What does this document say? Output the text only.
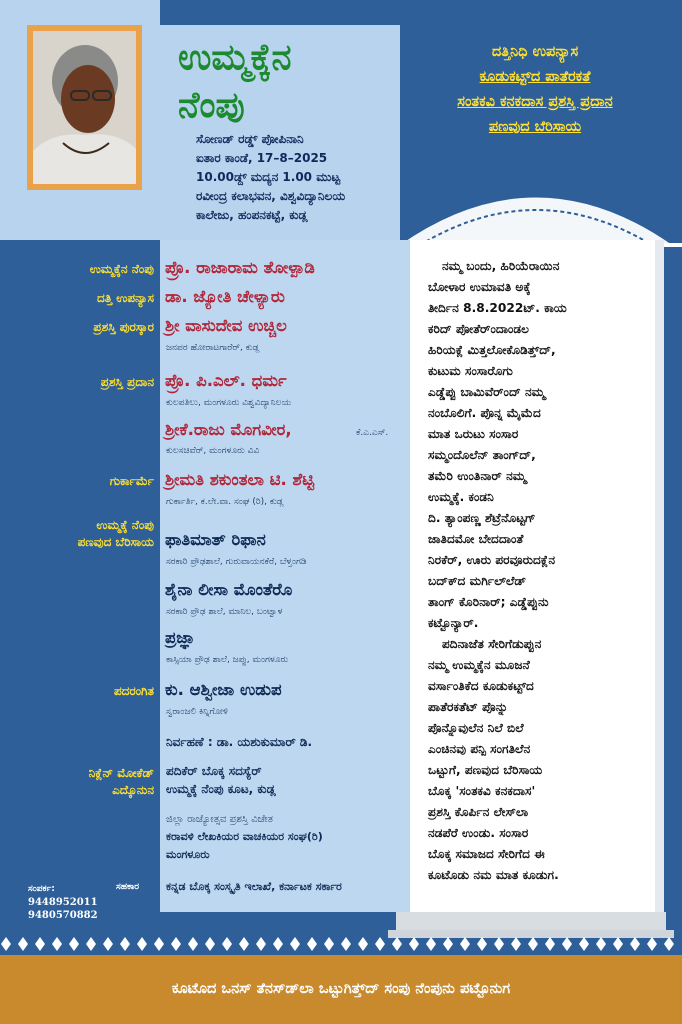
ಉಮ್ಮಕ್ಕೆನ
ನೆಂಪು
ಸೋಣಡ್ ರಡ್ಡ್ ಪೋಪಿನಾನಿ
ಐತಾರ ಕಾಂಡೆ, 17–8–2025
10.00ಡ್ದ್ ಮದ್ಯನ 1.00 ಮುಟ್ಟ
ರವೀಂದ್ರ ಕಲಾಭವನ, ವಿಶ್ವವಿದ್ಯಾನಿಲಯ
ಕಾಲೇಜು, ಹಂಪನಕಟ್ಟೆ, ಕುಡ್ಲ
ದತ್ತಿನಿಧಿ ಉಪನ್ಯಾಸ
ಕೂಡುಕಟ್ಟ್‌ದ ಪಾತೆರಕತೆ
ಸಂತಕವಿ ಕನಕದಾಸ ಪ್ರಶಸ್ತಿ ಪ್ರದಾನ
ಪಣವುದ ಬೆರಿಸಾಯ
ಉಮ್ಮಕ್ಕೆನ ನೆಂಪು ಪ್ರೊ. ರಾಜಾರಾಮ ತೋಳ್ಪಾಡಿ
ದತ್ತಿ ಉಪನ್ಯಾಸ ಡಾ. ಜ್ಯೋತಿ ಚೇಳ್ಯಾರು
ಪ್ರಶಸ್ತಿ ಪುರಸ್ಕಾರ ಶ್ರೀ ವಾಸುದೇವ ಉಚ್ಚಿಲ
ಜನಪರ ಹೋರಾಟಗಾರೆರ್, ಕುಡ್ಲ
ಪ್ರಶಸ್ತಿ ಪ್ರದಾನ ಪ್ರೊ. ಪಿ.ಎಲ್. ಧರ್ಮ
ಕುಲಪತಿಲು, ಮಂಗಳೂರು ವಿಶ್ವವಿದ್ಯಾನಿಲಯ
ಶ್ರೀಕೆ.ರಾಜು ಮೊಗವೀರ,	ಕೆ.ಎ.ಎಸ್.
ಕುಲಸಚಿವೆರ್, ಮಂಗಳೂರು ವಿವಿ
ಗುರ್ಕಾರ್ಮೆ ಶ್ರೀಮತಿ ಶಕುಂತಲಾ ಟಿ. ಶೆಟ್ಟಿ
ಗುರ್ಕಾರ್ತಿ, ಕ.ಲೇ.ವಾ. ಸಂಘ (ರಿ), ಕುಡ್ಲ
ಉಮ್ಮಕ್ಕೆ ನೆಂಪು
ಪಣವುದ ಬೆರಿಸಾಯ ಫಾತಿಮಾತ್ ರಿಫಾನ
ಸರಕಾರಿ ಪ್ರೌಢಶಾಲೆ, ಗುರುವಾಯನಕೆರೆ, ಬೆಳ್ತಂಗಡಿ
ಶೈನಾ ಲೀಸಾ ಮೊಂತೆರೊ
ಸರಕಾರಿ ಪ್ರೌಢ ಶಾಲೆ, ಮಾನಿಲ, ಬಂಟ್ವಾಳ
ಪ್ರಜ್ಞಾ
ಕಾಸ್ಸಿಯಾ ಪ್ರೌಢ ಶಾಲೆ, ಜಪ್ಪು, ಮಂಗಳೂರು
ಪದರಂಗಿತ ಕು. ಆಶ್ವೀಜಾ ಉಡುಪ
ಸ್ವರಾಂಜಲಿ ಕಿನ್ನಿಗೋಳಿ
ನಿರ್ವಹಣೆ : ಡಾ. ಯಶುಕುಮಾರ್ ಡಿ.
ನಿಕ್ಲೆನ್ ಮೋಕೆಡ್
ಎದ್ಕೊನುನ
ಪದಿಕೆರ್ ಬೊಕ್ಕ ಸದಸ್ಯೆರ್
ಉಮ್ಮಕ್ಕೆ ನೆಂಪು ಕೂಟ, ಕುಡ್ಲ
ಜಿಲ್ಲಾ ರಾಜ್ಯೋತ್ಸವ ಪ್ರಶಸ್ತಿ ವಿಜೇತ
ಕರಾವಳಿ ಲೇಖಕಿಯರ ವಾಚಕಿಯರ ಸಂಘ(ರಿ)
ಮಂಗಳೂರು
ಸಹಕಾರ ಕನ್ನಡ ಬೊಕ್ಕ ಸಂಸ್ಕೃತಿ ಇಲಾಖೆ, ಕರ್ನಾಟಕ ಸರ್ಕಾರ
ಸಂಪರ್ಕ:
9448952011
9480570882

ನಮ್ಮ ಬಂದು, ಹಿರಿಯೆರಾಯಿನ
ಬೋಳಾರ ಉಮಾವತಿ ಅಕ್ಕೆ
ತೀರ್ದಿನ 8.8.2022ಟ್. ಕಾಯ
ಕರಿದ್ ಪೋತೆರ್‌ಂದಾಂಡಲ
ಹಿರಿಯಕ್ಲೆ ಮಿತ್ತಲೋಕೊಡಿತ್ತ್‌ದ್,
ಕುಟುಮ ಸಂಸಾರೊಗು
ಎಡ್ಡೆಪ್ಪು ಬಾಮಿವೆರ್‌ಂದ್ ನಮ್ಮ
ನಂಬೊಲಿಗೆ. ಪೊನ್ನ ಮೈಮೆದ
ಮಾತ ಒರುಟು ಸಂಸಾರ
ಸಮ್ಮಂದೊಲೆನ್ ತಾಂಗ್‌ದ್,
ತಮೆರಿ ಉಂತಿನಾರ್ ನಮ್ಮ
ಉಮ್ಮಕ್ಕೆ. ಕಂಡನಿ
ದಿ. ತ್ಯಾಂಪಣ್ಣ ಶೆಟ್ರೆನೊಟ್ಟಗ್
ಜಾತಿದಮೋ ಬೇದದಾಂತೆ
ನಿರಕೆರ್, ಊರು ಪರವೂರುದಕ್ಲೆನ
ಬದ್‌ಕ್‌ದ ಮರ್ಗಿಲ್‌ಲೆಡ್
ತಾಂಗ್ ಕೊರಿನಾರ್; ಎಡ್ಡೆಪ್ಪುನು
ಕಟ್ಟೊನ್ಯಾರ್.

ಪದಿನಾಜೆತ ಸೇರಿಗೆಡುಪ್ಪುನ
ನಮ್ಮ ಉಮ್ಮಕ್ಕೆನ ಮೂಜನೆ
ವರ್ಸಾಂತಿಕೆದ ಕೂಡುಕಟ್ಟ್‌ದ
ಪಾತೆರಕತೆಟ್ ಪೊನ್ನು
ಪೊನ್ನೊವುಲೆನ ನಿಲೆ ಬಿಲೆ
ಎಂಚಿನವು ಪನ್ಪಿ ಸಂಗತಿಲೆನ
ಒಟ್ಟುಗೆ, ಪಣವುದ ಬೆರಿಸಾಯ
ಬೊಕ್ಕ 'ಸಂತಕವಿ ಕನಕದಾಸ'
ಪ್ರಶಸ್ತಿ ಕೊರ್ಪಿನ ಲೇಸ್‌ಲಾ
ನಡಪೆರೆ ಉಂಡು. ಸಂಸಾರ
ಬೊಕ್ಕ ಸಮಾಜದ ಸೇರಿಗೆದ ಈ
ಕೂಟೊಡು ನಮ ಮಾತ ಕೂಡುಗ.

ಕೂಟೊದ ಒನಸ್ ತೆನಸ್‌ಡ್‌ಲಾ ಒಟ್ಟುಗಿತ್ತ್‌ದ್ ಸಂಪು ನೆಂಪುನು ಪಟ್ಟೊನುಗ
